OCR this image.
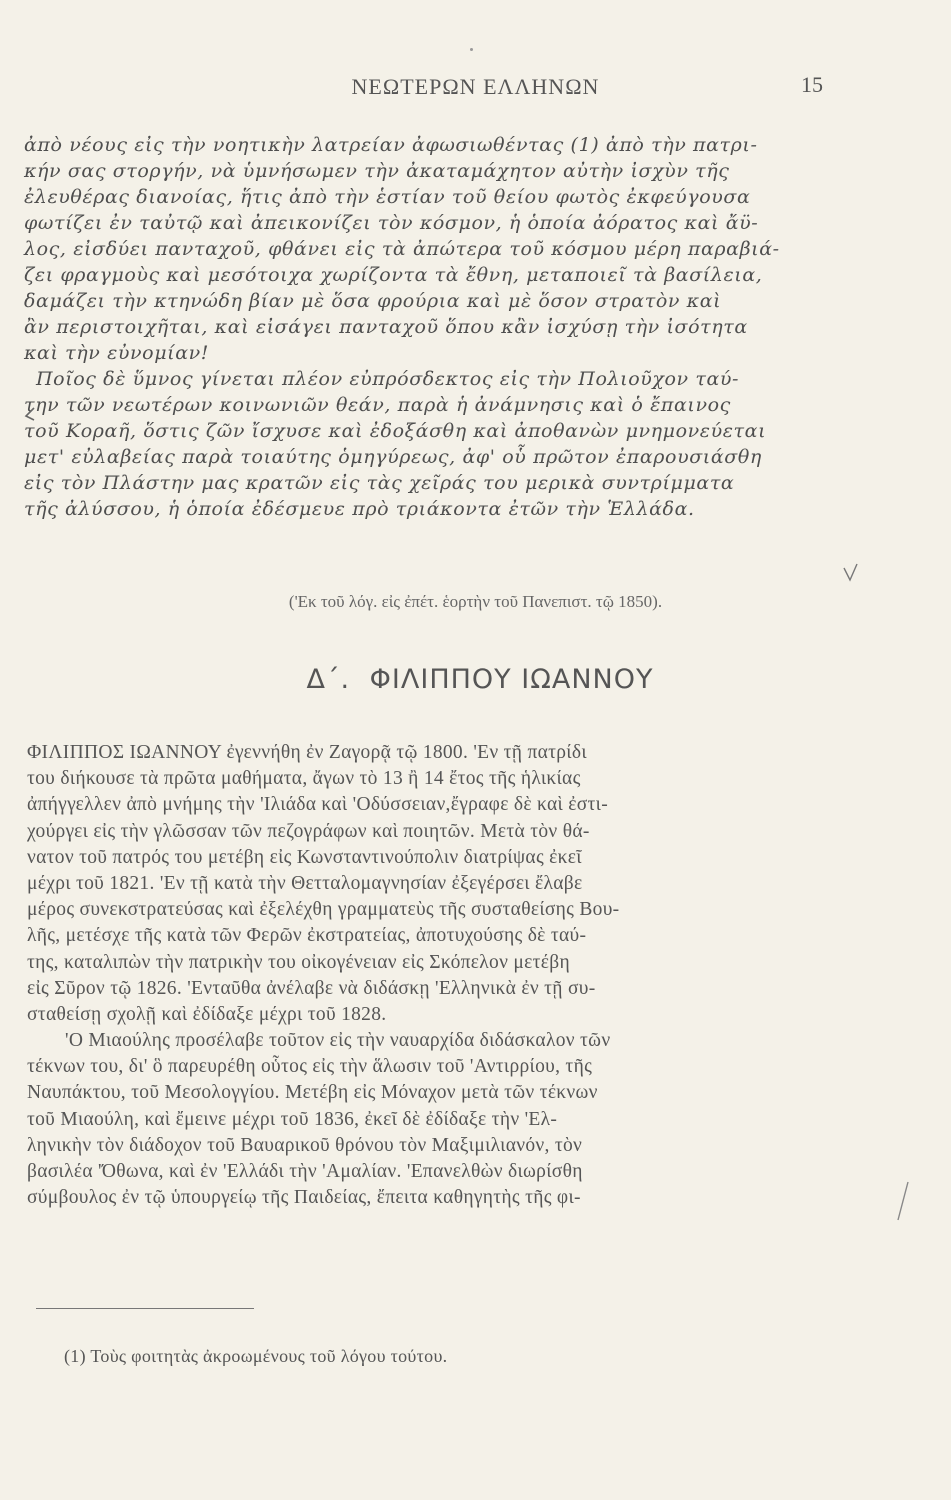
ΝΕΩΤΕΡΩΝ ΕΛΛΗΝΩΝ	15
ἀπὸ νέους εἰς τὴν νοητικὴν λατρείαν ἀφωσιωθέντας (1) ἀπὸ τὴν πατρι-
κήν σας στοργήν, νὰ ὑμνήσωμεν τὴν ἀκαταμάχητον αὐτὴν ἰσχὺν τῆς
ἐλευθέρας διανοίας, ἥτις ἀπὸ τὴν ἑστίαν τοῦ θείου φωτὸς ἐκφεύγουσα
φωτίζει ἐν ταὐτῷ καὶ ἀπεικονίζει τὸν κόσμον, ἡ ὁποία ἀόρατος καὶ ἄϋ-
λος, εἰσδύει πανταχοῦ, φθάνει εἰς τὰ ἀπώτερα τοῦ κόσμου μέρη παραβιά-
ζει φραγμοὺς καὶ μεσότοιχα χωρίζοντα τὰ ἔθνη, μεταποιεῖ τὰ βασίλεια,
δαμάζει τὴν κτηνώδη βίαν μὲ ὅσα φρούρια καὶ μὲ ὅσον στρατὸν καὶ
ἂν περιστοιχῆται, καὶ εἰσάγει πανταχοῦ ὅπου κἂν ἰσχύσῃ τὴν ἰσότητα
καὶ τὴν εὐνομίαν!
Ποῖος δὲ ὕμνος γίνεται πλέον εὐπρόσδεκτος εἰς τὴν Πολιοῦχον ταύ-
την τῶν νεωτέρων κοινωνιῶν θεάν, παρὰ ἡ ἀνάμνησις καὶ ὁ ἔπαινος
τοῦ Κοραῆ, ὅστις ζῶν ἴσχυσε καὶ ἐδοξάσθη καὶ ἀποθανὼν μνημονεύεται
μετ' εὐλαβείας παρὰ τοιαύτης ὁμηγύρεως, ἀφ' οὗ πρῶτον ἐπαρουσιάσθη
εἰς τὸν Πλάστην μας κρατῶν εἰς τὰς χεῖράς του μερικὰ συντρίμματα
τῆς ἀλύσσου, ἡ ὁποία ἐδέσμευε πρὸ τριάκοντα ἐτῶν τὴν Ἑλλάδα.
('Εκ τοῦ λόγ. εἰς ἐπέτ. ἑορτὴν τοῦ Πανεπιστ. τῷ 1850).
Δ΄. ΦΙΛΙΠΠΟΥ ΙΩΑΝΝΟΥ
ΦΙΛΙΠΠΟΣ ΙΩΑΝΝΟΥ ἐγεννήθη ἐν Ζαγορᾷ τῷ 1800. 'Εν τῇ πατρίδι
του διήκουσε τὰ πρῶτα μαθήματα, ἄγων τὸ 13 ἢ 14 ἔτος τῆς ἡλικίας
ἀπήγγελλεν ἀπὸ μνήμης τὴν 'Ιλιάδα καὶ 'Οδύσσειαν,ἔγραφε δὲ καὶ ἐστι-
χούργει εἰς τὴν γλῶσσαν τῶν πεζογράφων καὶ ποιητῶν. Μετὰ τὸν θά-
νατον τοῦ πατρός του μετέβη εἰς Κωνσταντινούπολιν διατρίψας ἐκεῖ
μέχρι τοῦ 1821. 'Εν τῇ κατὰ τὴν Θετταλομαγνησίαν ἐξεγέρσει ἔλαβε
μέρος συνεκστρατεύσας καὶ ἐξελέχθη γραμματεὺς τῆς συσταθείσης Βου-
λῆς, μετέσχε τῆς κατὰ τῶν Φερῶν ἐκστρατείας, ἀποτυχούσης δὲ ταύ-
της, καταλιπὼν τὴν πατρικὴν του οἰκογένειαν εἰς Σκόπελον μετέβη
εἰς Σῦρον τῷ 1826. 'Ενταῦθα ἀνέλαβε νὰ διδάσκῃ 'Ελληνικὰ ἐν τῇ συ-
σταθείσῃ σχολῇ καὶ ἐδίδαξε μέχρι τοῦ 1828.
'Ο Μιαούλης προσέλαβε τοῦτον εἰς τὴν ναυαρχίδα διδάσκαλον τῶν
τέκνων του, δι' ὃ παρευρέθη οὗτος εἰς τὴν ἅλωσιν τοῦ 'Αντιρρίου, τῆς
Ναυπάκτου, τοῦ Μεσολογγίου. Μετέβη εἰς Μόναχον μετὰ τῶν τέκνων
τοῦ Μιαούλη, καὶ ἔμεινε μέχρι τοῦ 1836, ἐκεῖ δὲ ἐδίδαξε τὴν 'Ελ-
ληνικὴν τὸν διάδοχον τοῦ Βαυαρικοῦ θρόνου τὸν Μαξιμιλιανόν, τὸν
βασιλέα 'Όθωνα, καὶ ἐν 'Ελλάδι τὴν 'Αμαλίαν. 'Επανελθὼν διωρίσθη
σύμβουλος ἐν τῷ ὑπουργείῳ τῆς Παιδείας, ἔπειτα καθηγητὴς τῆς φι-
(1) Τοὺς φοιτητὰς ἀκροωμένους τοῦ λόγου τούτου.
